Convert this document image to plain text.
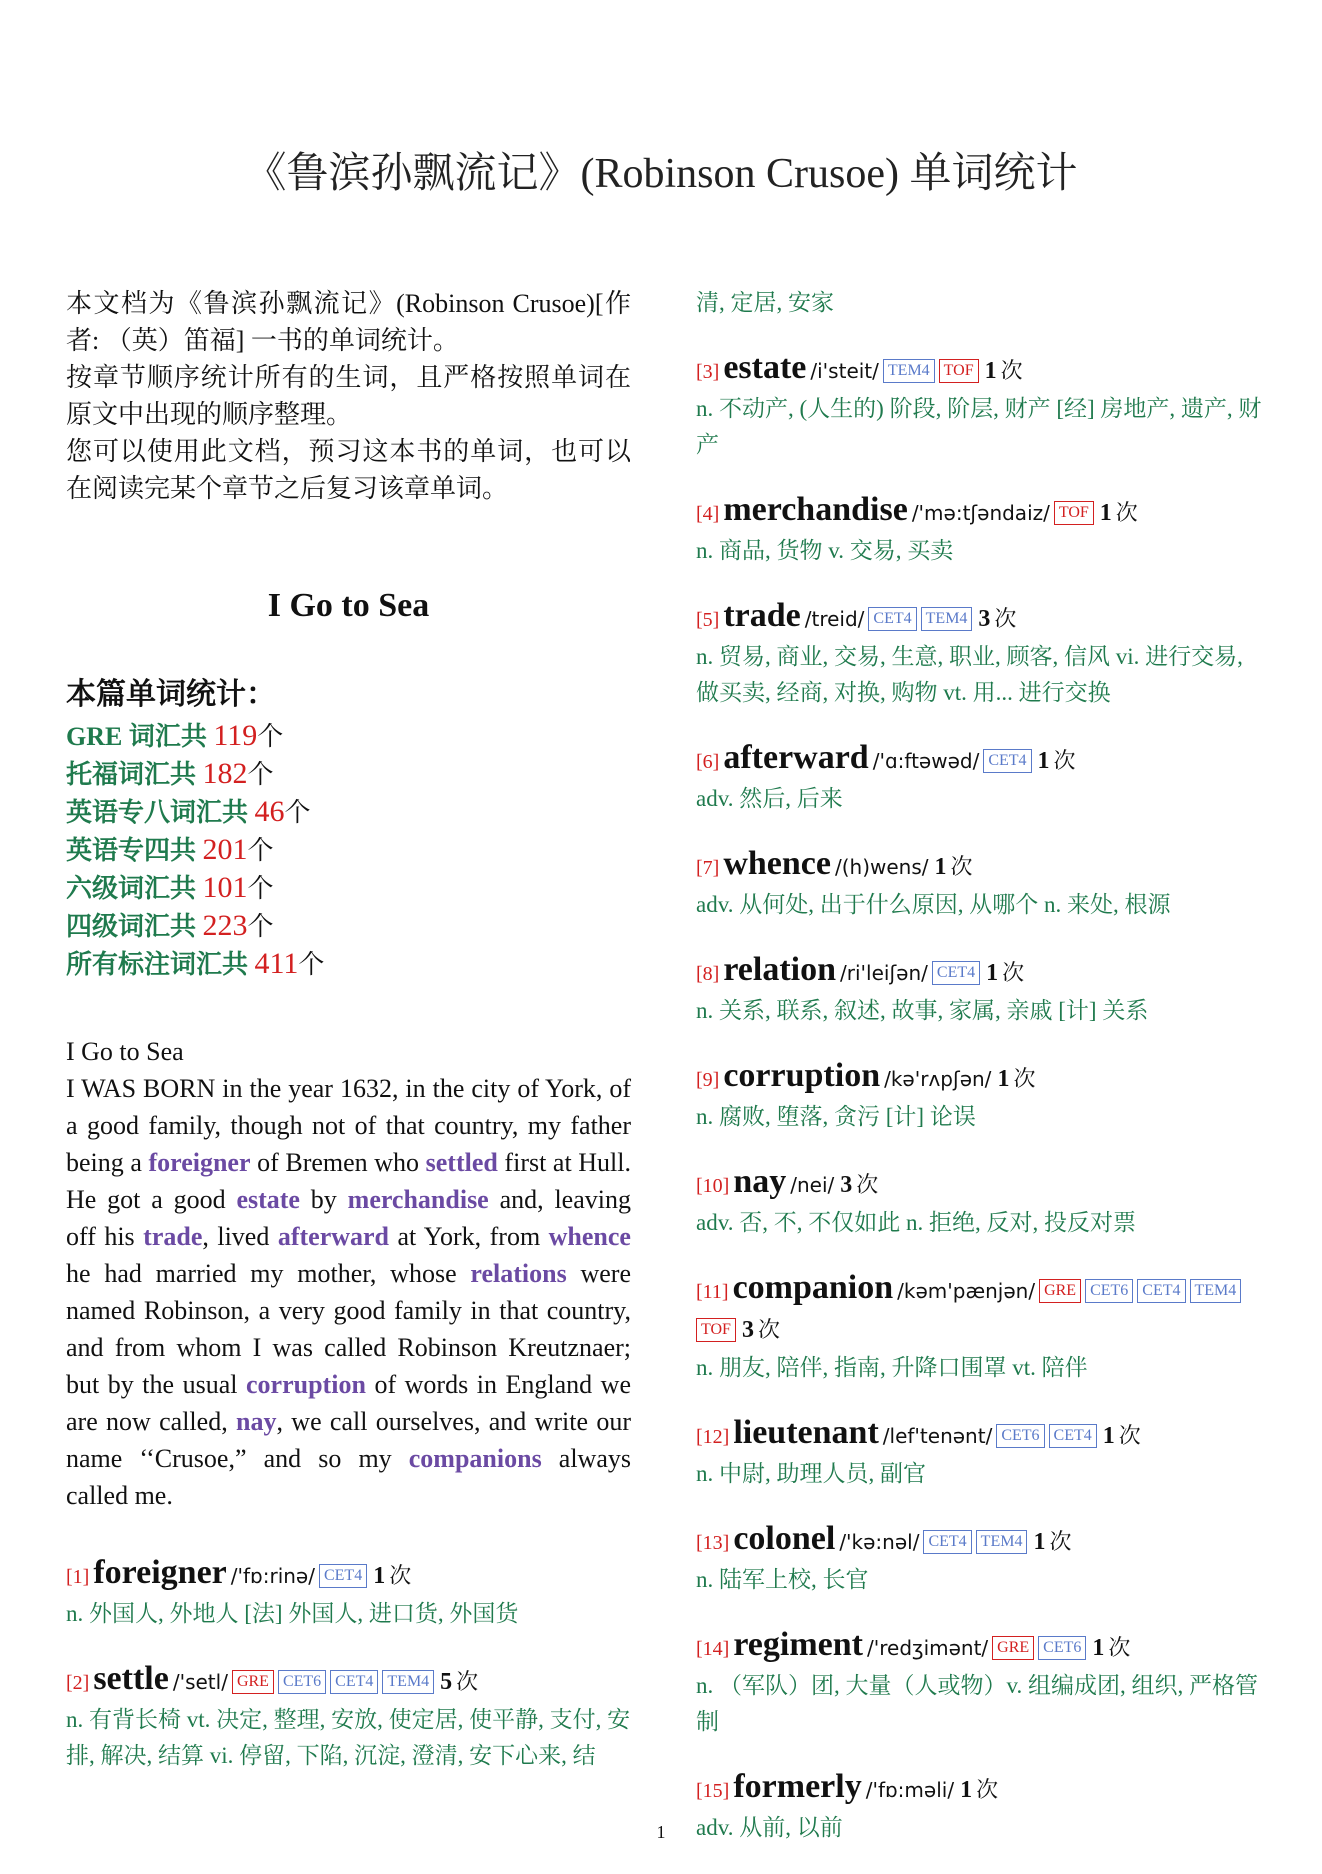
《鲁滨孙飘流记》(Robinson Crusoe) 单词统计

本文档为《鲁滨孙飘流记》(Robinson Crusoe)[作者: （英）笛福] 一书的单词统计。

按章节顺序统计所有的生词，且严格按照单词在原文中出现的顺序整理。

您可以使用此文档，预习这本书的单词，也可以在阅读完某个章节之后复习该章单词。

I Go to Sea
本篇单词统计：
GRE 词汇共 119个
托福词汇共 182个
英语专八词汇共 46个
英语专四共 201个
六级词汇共 101个
四级词汇共 223个
所有标注词汇共 411个
I Go to Sea
I WAS BORN in the year 1632, in the city of York, of a good family, though not of that country, my father being a foreigner of Bremen who settled first at Hull. He got a good estate by merchandise and, leaving off his trade, lived afterward at York, from whence he had married my mother, whose relations were named Robinson, a very good family in that country, and from whom I was called Robinson Kreutznaer; but by the usual corruption of words in England we are now called, nay, we call ourselves, and write our name ‘‘Crusoe,” and so my companions always called me.
[1] foreigner /'fɒ:rinə/ CET4 1 次
n. 外国人, 外地人 [法] 外国人, 进口货, 外国货
[2] settle /'setl/ GRE CET6 CET4 TEM4 5 次
n. 有背长椅 vt. 决定, 整理, 安放, 使定居, 使平静, 支付, 安排, 解决, 结算 vi. 停留, 下陷, 沉淀, 澄清, 安下心来, 结
清, 定居, 安家
[3] estate /i'steit/ TEM4 TOF 1 次
n. 不动产, (人生的) 阶段, 阶层, 财产 [经] 房地产, 遗产, 财产
[4] merchandise /'mə:tʃəndaiz/ TOF 1 次
n. 商品, 货物 v. 交易, 买卖
[5] trade /treid/ CET4 TEM4 3 次
n. 贸易, 商业, 交易, 生意, 职业, 顾客, 信风 vi. 进行交易, 做买卖, 经商, 对换, 购物 vt. 用... 进行交换
[6] afterward /'ɑ:ftəwəd/ CET4 1 次
adv. 然后, 后来
[7] whence /(h)wens/ 1 次
adv. 从何处, 出于什么原因, 从哪个 n. 来处, 根源
[8] relation /ri'leiʃən/ CET4 1 次
n. 关系, 联系, 叙述, 故事, 家属, 亲戚 [计] 关系
[9] corruption /kə'rʌpʃən/ 1 次
n. 腐败, 堕落, 贪污 [计] 论误
[10] nay /nei/ 3 次
adv. 否, 不, 不仅如此 n. 拒绝, 反对, 投反对票
[11] companion /kəm'pænjən/ GRE CET6 CET4 TEM4TOF 3 次
n. 朋友, 陪伴, 指南, 升降口围罩 vt. 陪伴
[12] lieutenant /lef'tenənt/ CET6 CET4 1 次
n. 中尉, 助理人员, 副官
[13] colonel /'kə:nəl/ CET4 TEM4 1 次
n. 陆军上校, 长官
[14] regiment /'redʒimənt/ GRE CET6 1 次
n. （军队）团, 大量（人或物）v. 组编成团, 组织, 严格管制
[15] formerly /'fɒ:məli/ 1 次
adv. 从前, 以前
1
